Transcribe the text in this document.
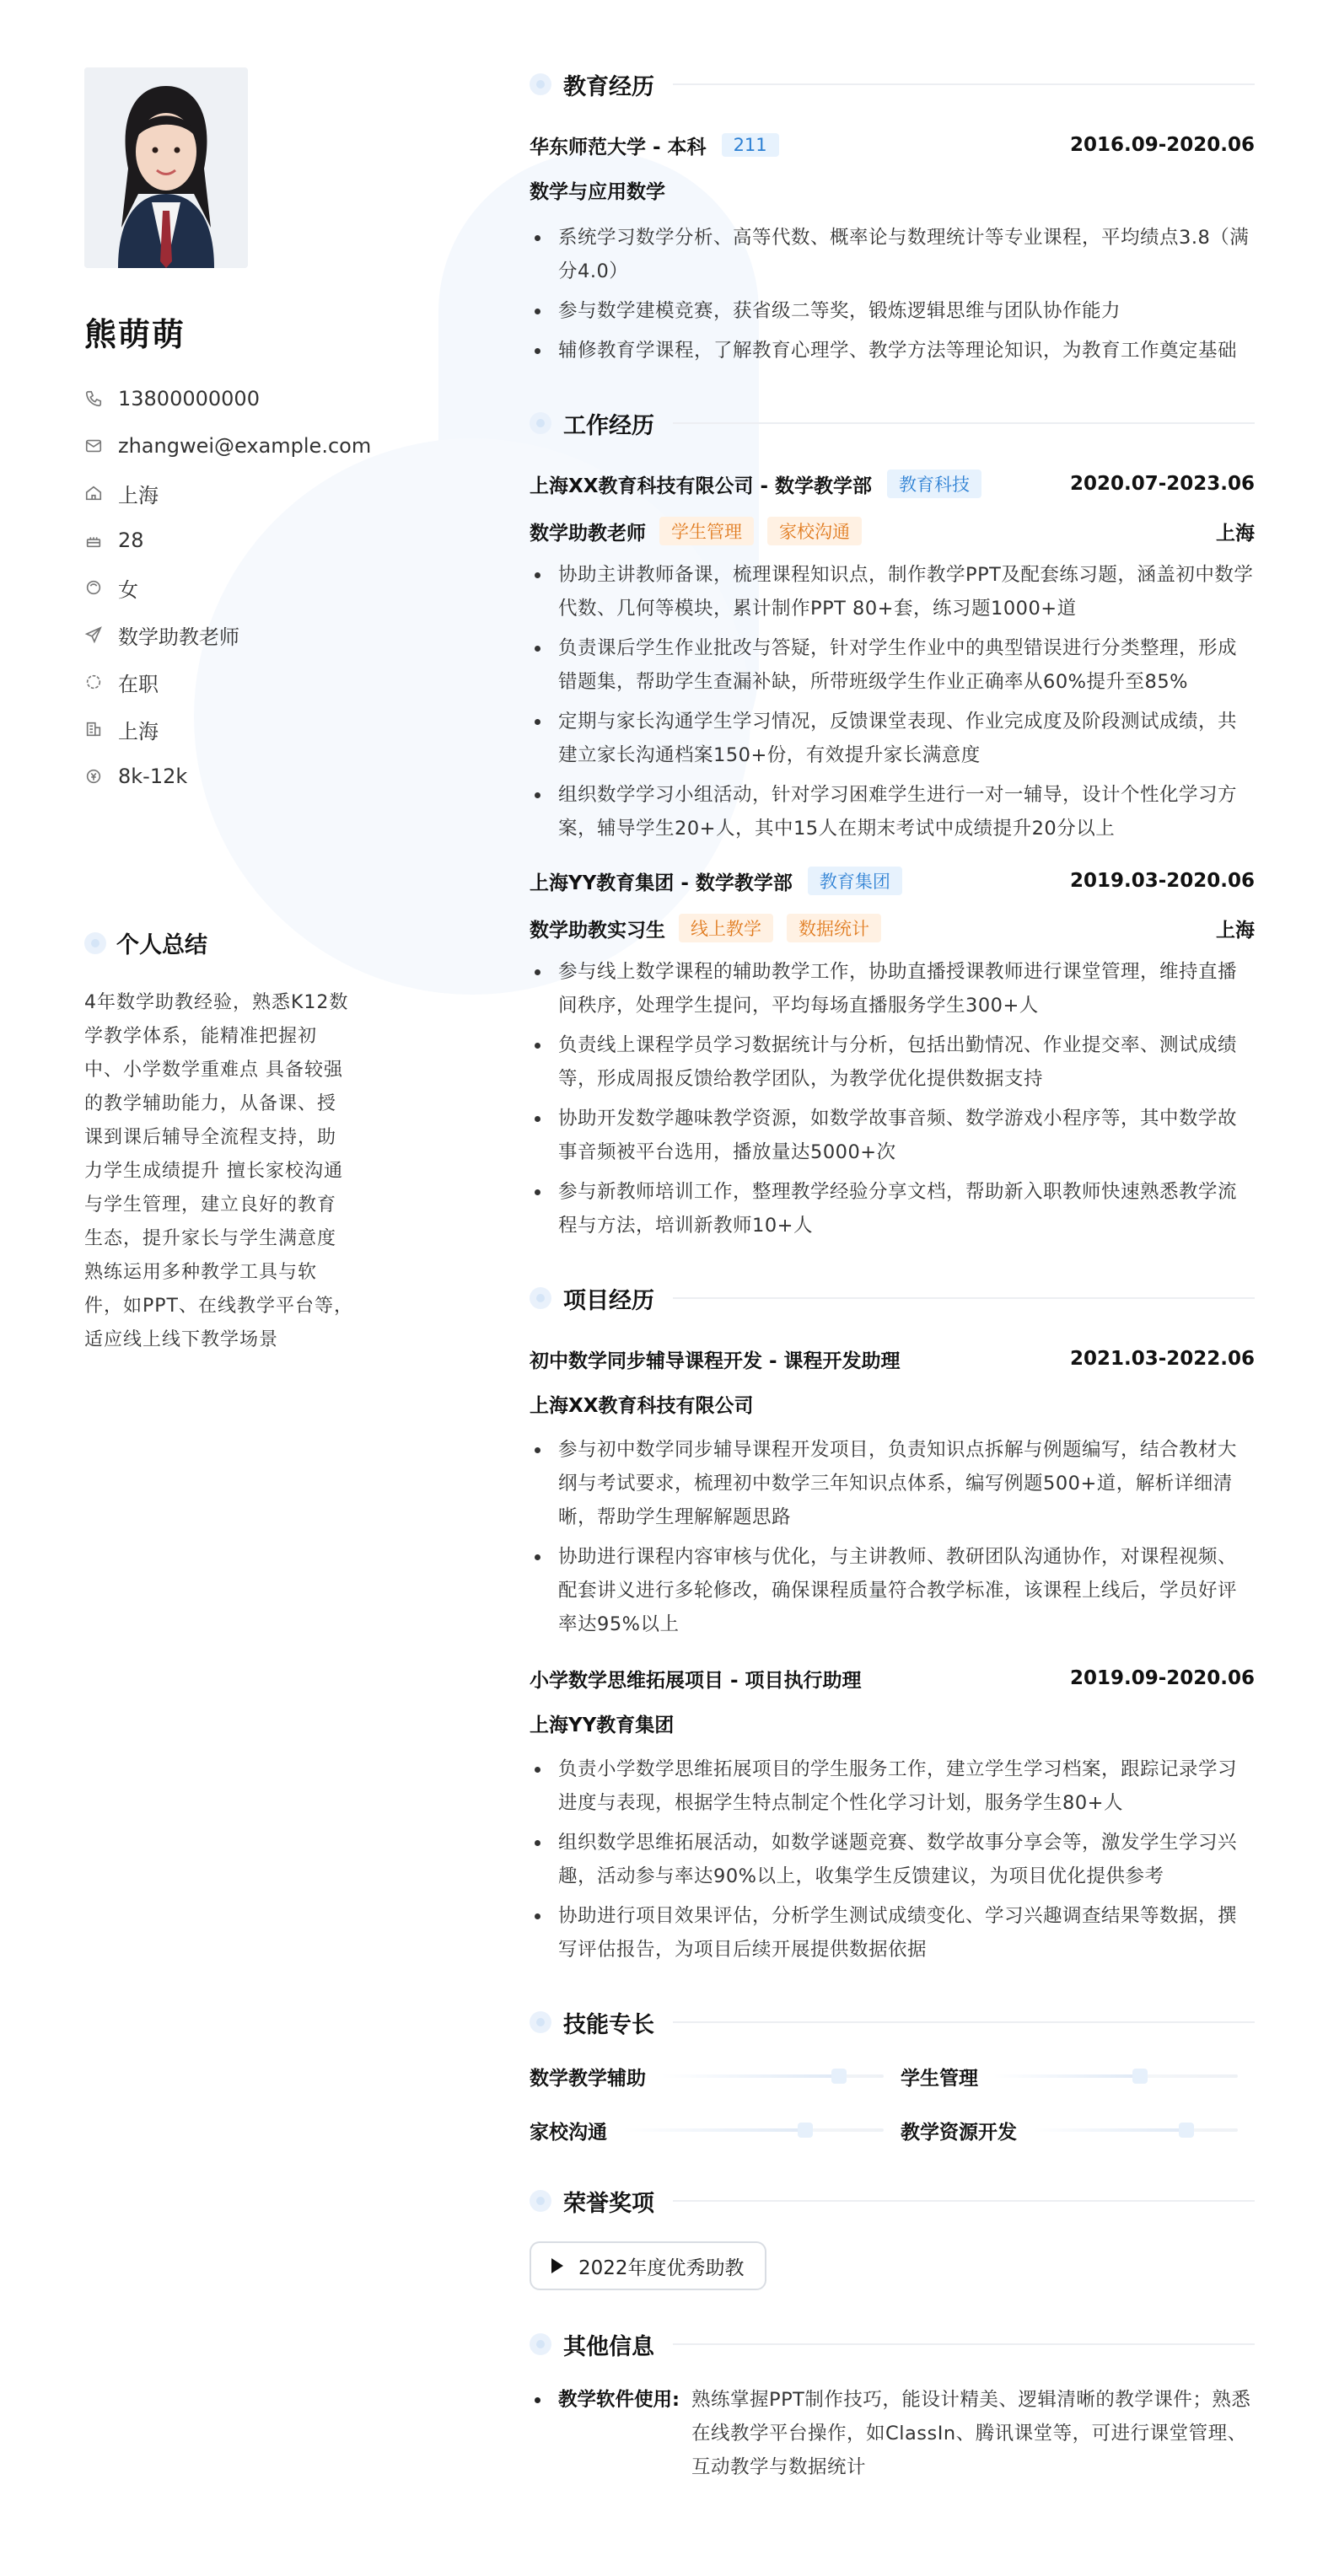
熊萌萌
13800000000
zhangwei@example.com
上海
28
女
数学助教老师
在职
上海
8k-12k
个人总结
4年数学助教经验，熟悉K12数学教学体系，能精准把握初中、小学数学重难点 具备较强的教学辅助能力，从备课、授课到课后辅导全流程支持，助力学生成绩提升 擅长家校沟通与学生管理，建立良好的教育生态，提升家长与学生满意度 熟练运用多种教学工具与软件，如PPT、在线教学平台等，适应线上线下教学场景
教育经历
华东师范大学 - 本科	211	2016.09-2020.06
数学与应用数学
系统学习数学分析、高等代数、概率论与数理统计等专业课程，平均绩点3.8（满分4.0）
参与数学建模竞赛，获省级二等奖，锻炼逻辑思维与团队协作能力
辅修教育学课程，了解教育心理学、教学方法等理论知识，为教育工作奠定基础
工作经历
上海XX教育科技有限公司 - 数学教学部	教育科技	2020.07-2023.06
数学助教老师	学生管理	家校沟通	上海
协助主讲教师备课，梳理课程知识点，制作教学PPT及配套练习题，涵盖初中数学代数、几何等模块，累计制作PPT 80+套，练习题1000+道
负责课后学生作业批改与答疑，针对学生作业中的典型错误进行分类整理，形成错题集，帮助学生查漏补缺，所带班级学生作业正确率从60%提升至85%
定期与家长沟通学生学习情况，反馈课堂表现、作业完成度及阶段测试成绩，共建立家长沟通档案150+份，有效提升家长满意度
组织数学学习小组活动，针对学习困难学生进行一对一辅导，设计个性化学习方案，辅导学生20+人，其中15人在期末考试中成绩提升20分以上
上海YY教育集团 - 数学教学部	教育集团	2019.03-2020.06
数学助教实习生	线上教学	数据统计	上海
参与线上数学课程的辅助教学工作，协助直播授课教师进行课堂管理，维持直播间秩序，处理学生提问，平均每场直播服务学生300+人
负责线上课程学员学习数据统计与分析，包括出勤情况、作业提交率、测试成绩等，形成周报反馈给教学团队，为教学优化提供数据支持
协助开发数学趣味教学资源，如数学故事音频、数学游戏小程序等，其中数学故事音频被平台选用，播放量达5000+次
参与新教师培训工作，整理教学经验分享文档，帮助新入职教师快速熟悉教学流程与方法，培训新教师10+人
项目经历
初中数学同步辅导课程开发 - 课程开发助理	2021.03-2022.06
上海XX教育科技有限公司
参与初中数学同步辅导课程开发项目，负责知识点拆解与例题编写，结合教材大纲与考试要求，梳理初中数学三年知识点体系，编写例题500+道，解析详细清晰，帮助学生理解解题思路
协助进行课程内容审核与优化，与主讲教师、教研团队沟通协作，对课程视频、配套讲义进行多轮修改，确保课程质量符合教学标准，该课程上线后，学员好评率达95%以上
小学数学思维拓展项目 - 项目执行助理	2019.09-2020.06
上海YY教育集团
负责小学数学思维拓展项目的学生服务工作，建立学生学习档案，跟踪记录学习进度与表现，根据学生特点制定个性化学习计划，服务学生80+人
组织数学思维拓展活动，如数学谜题竞赛、数学故事分享会等，激发学生学习兴趣，活动参与率达90%以上，收集学生反馈建议，为项目优化提供参考
协助进行项目效果评估，分析学生测试成绩变化、学习兴趣调查结果等数据，撰写评估报告，为项目后续开展提供数据依据
技能专长
数学教学辅助	学生管理
家校沟通	教学资源开发
荣誉奖项
2022年度优秀助教
其他信息
教学软件使用: 熟练掌握PPT制作技巧，能设计精美、逻辑清晰的教学课件；熟悉在线教学平台操作，如ClassIn、腾讯课堂等，可进行课堂管理、互动教学与数据统计
